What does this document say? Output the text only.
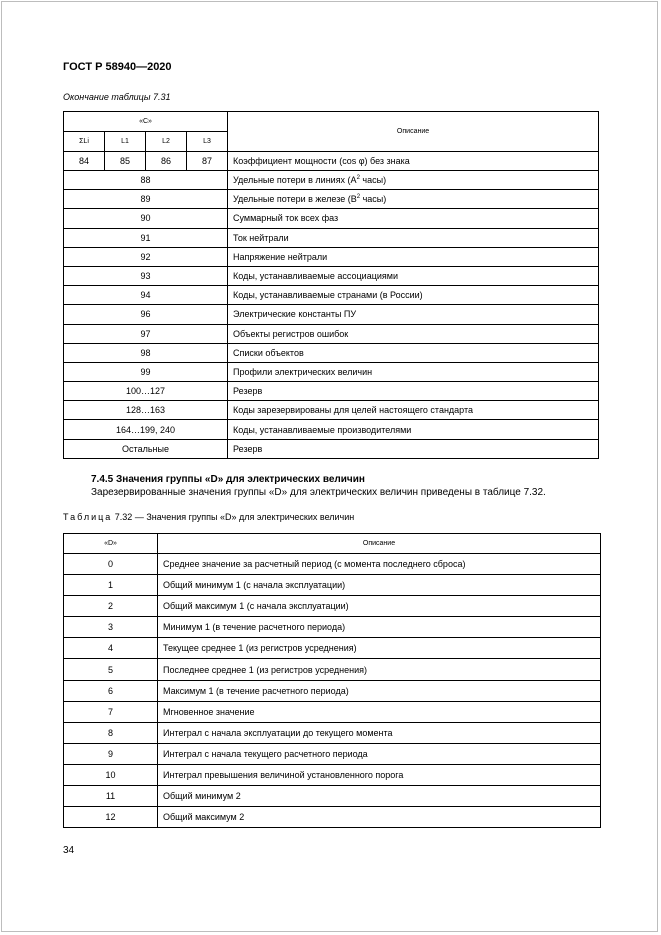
ГОСТ Р 58940—2020
Окончание таблицы 7.31
«С»				Описание
ΣLi	L1	L2	L3	
84	85	86	87	Коэффициент мощности (cos φ) без знака
88				Удельные потери в линиях ($А^2$ часы)
89				Удельные потери в железе ($В^2$ часы)
90				Суммарный ток всех фаз
91				Ток нейтрали
92				Напряжение нейтрали
93				Коды, устанавливаемые ассоциациями
94				Коды, устанавливаемые странами (в России)
96				Электрические константы ПУ
97				Объекты регистров ошибок
98				Списки объектов
99				Профили электрических величин
100…127				Резерв
128…163				Коды зарезервированы для целей настоящего стандарта
164…199, 240				Коды, устанавливаемые производителями
Остальные				Резерв
7.4.5 Значения группы «D» для электрических величин
Зарезервированные значения группы «D» для электрических величин приведены в таблице 7.32.
Таблица 7.32 — Значения группы «D» для электрических величин
«D»	Описание
0	Среднее значение за расчетный период (с момента последнего сброса)
1	Общий минимум 1 (с начала эксплуатации)
2	Общий максимум 1 (с начала эксплуатации)
3	Минимум 1 (в течение расчетного периода)
4	Текущее среднее 1 (из регистров усреднения)
5	Последнее среднее 1 (из регистров усреднения)
6	Максимум 1 (в течение расчетного периода)
7	Мгновенное значение
8	Интеграл с начала эксплуатации до текущего момента
9	Интеграл с начала текущего расчетного периода
10	Интеграл превышения величиной установленного порога
11	Общий минимум 2
12	Общий максимум 2
34
